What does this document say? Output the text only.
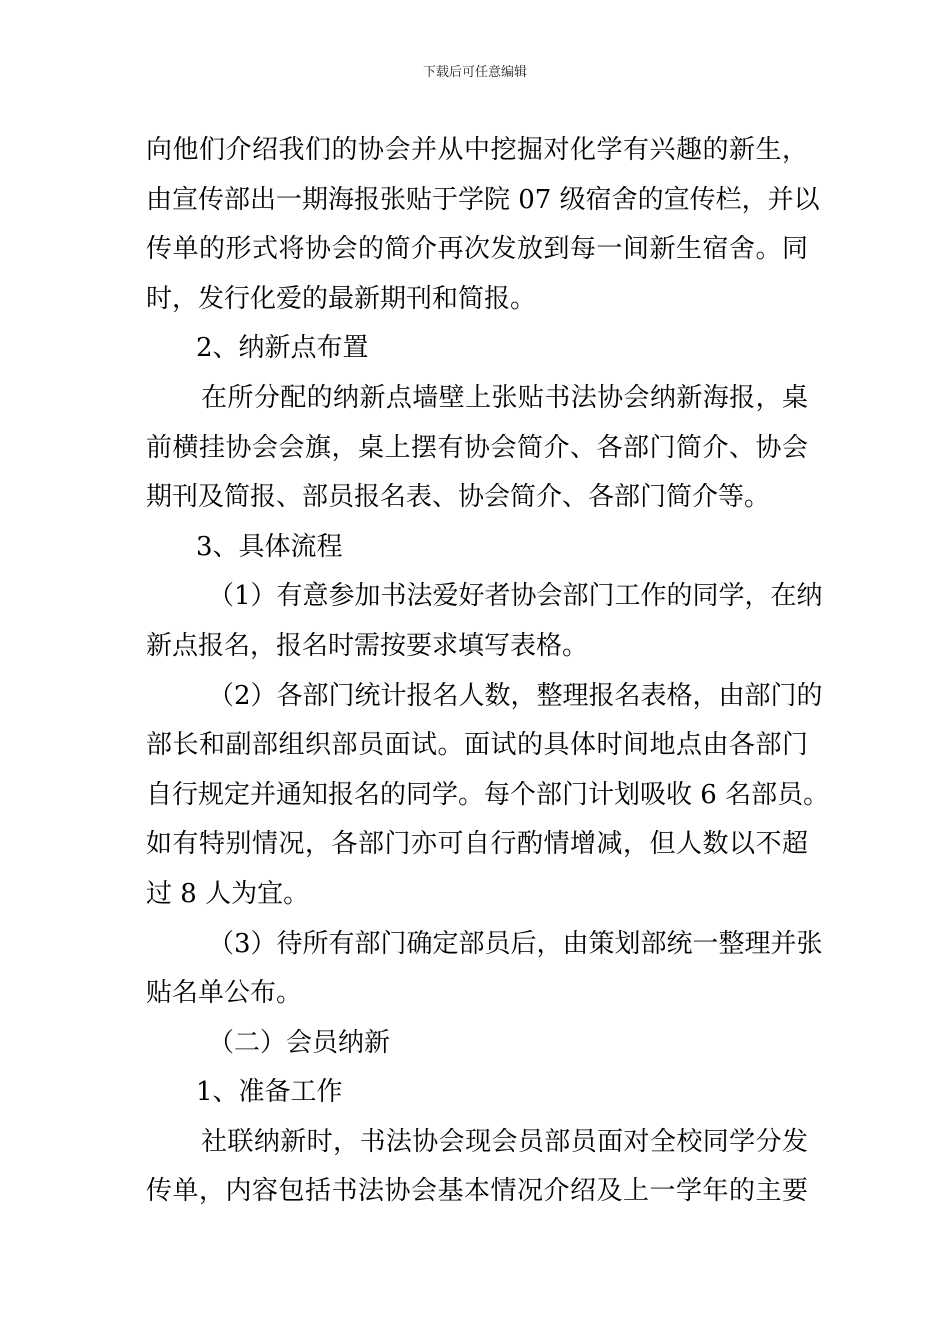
下载后可任意编辑
向他们介绍我们的协会并从中挖掘对化学有兴趣的新生，
由宣传部出一期海报张贴于学院 07 级宿舍的宣传栏，并以
传单的形式将协会的简介再次发放到每一间新生宿舍。同
时，发行化爱的最新期刊和简报。
2、纳新点布置
在所分配的纳新点墙壁上张贴书法协会纳新海报，桌
前横挂协会会旗，桌上摆有协会简介、各部门简介、协会
期刊及简报、部员报名表、协会简介、各部门简介等。
3、具体流程
（1）有意参加书法爱好者协会部门工作的同学，在纳
新点报名，报名时需按要求填写表格。
（2）各部门统计报名人数，整理报名表格，由部门的
部长和副部组织部员面试。面试的具体时间地点由各部门
自行规定并通知报名的同学。每个部门计划吸收 6 名部员。
如有特别情况，各部门亦可自行酌情增减，但人数以不超
过 8 人为宜。
（3）待所有部门确定部员后，由策划部统一整理并张
贴名单公布。
（二）会员纳新
1、准备工作
社联纳新时，书法协会现会员部员面对全校同学分发
传单，内容包括书法协会基本情况介绍及上一学年的主要
